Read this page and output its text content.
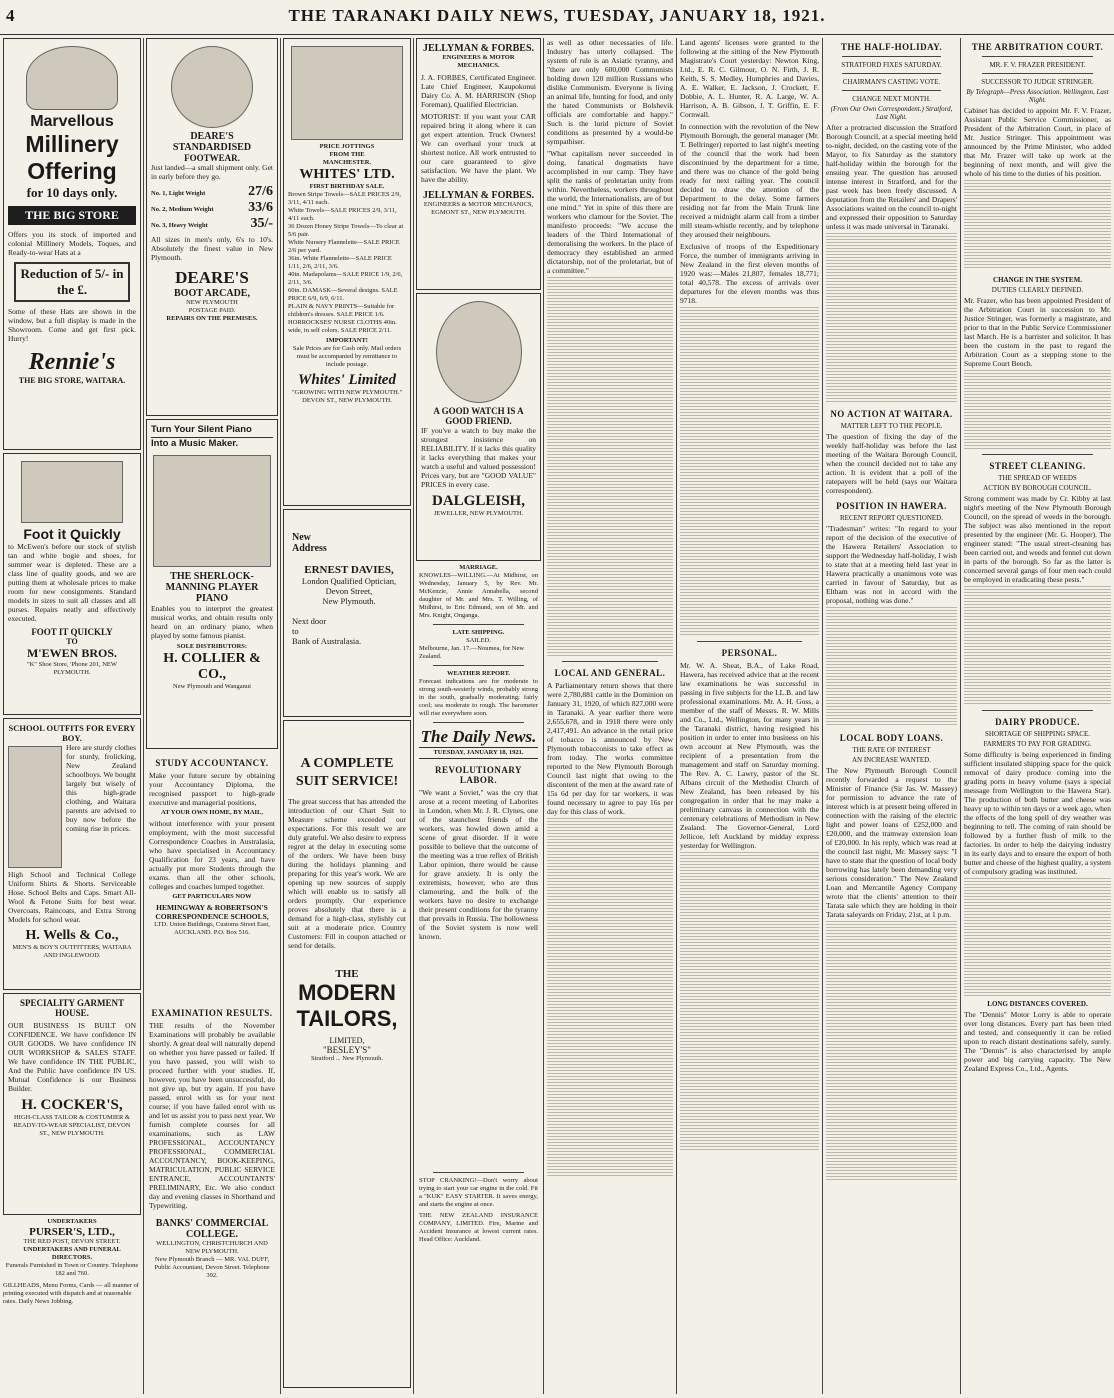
4	THE TARANAKI DAILY NEWS, TUESDAY, JANUARY 18, 1921.
Marvellous
Millinery
Offering
for 10 days only.
THE BIG STORE
Offers you its stock of imported and colonial Millinery Models, Toques, and Ready-to-wear Hats at a
Reduction of 5/- in the £.
Some of these Hats are shown in the window, but a full display is made in the Showroom. Come and get first pick. Hurry!
Rennie's
THE BIG STORE, WAITARA.
Foot it Quickly
to McEwen's before our stock of stylish tan and white bogie and shoes, for summer wear is depleted. These are a class line of quality goods, and we are putting them at wholesale prices to make room for new consignments. Standard models in sizes to suit all classes and all purses. Repairs neatly and effectively executed.
FOOT IT QUICKLY
TO
M'EWEN BROS.
"K" Shoe Store, 'Phone 201, NEW PLYMOUTH.
SCHOOL OUTFITS FOR EVERY BOY.
Here are sturdy clothes for sturdy, frolicking, New Zealand schoolboys. We bought largely but wisely of this high-grade clothing, and Waitara parents are advised to buy now before the coming rise in prices.
High School and Technical College Uniform Shirts & Shorts. Serviceable Hose. School Belts and Caps. Smart All-Wool & Fetone Suits for best wear. Overcoats, Raincoats, and Extra Strong Models for school wear.
H. Wells & Co.,
MEN'S & BOY'S OUTFITTERS, WAITARA AND INGLEWOOD.
SPECIALITY GARMENT HOUSE.
OUR BUSINESS IS BUILT ON CONFIDENCE. We have confidence IN OUR GOODS. We have confidence IN OUR WORKSHOP & SALES STAFF. We have confidence IN THE PUBLIC, And the Public have confidence IN US. Mutual Confidence is our Business Builder.
H. COCKER'S,
HIGH-CLASS TAILOR & COSTUMIER & READY-TO-WEAR SPECIALIST, DEVON ST., NEW PLYMOUTH.
UNDERTAKERS
PURSER'S, LTD.,
THE RED POST, DEVON STREET.
UNDERTAKERS AND FUNERAL DIRECTORS.
Funerals Furnished in Town or Country. Telephone 182 and 760.
GILLHEADS, Menu Forms, Cards — all manner of printing executed with dispatch and at reasonable rates. Daily News Jobbing.
DEARE'S
STANDARDISED
FOOTWEAR.
Just landed—a small shipment only. Get in early before they go.
No. 1, Light Weight	27/6
No. 2, Medium Weight 33/6
No. 3, Heavy Weight	35/-
All sizes in men's only, 6's to 10's. Absolutely the finest value in New Plymouth.
DEARE'S
BOOT ARCADE,
NEW PLYMOUTH
POSTAGE PAID.
REPAIRS ON THE PREMISES.
Turn Your Silent Piano
Into a Music Maker.
THE SHERLOCK-MANNING PLAYER PIANO
Enables you to interpret the greatest musical works, and obtain results only heard on an ordinary piano, when played by some famous pianist.
SOLE DISTRIBUTORS:
H. COLLIER & CO.,
New Plymouth and Wanganui
STUDY ACCOUNTANCY.
Make your future secure by obtaining your Accountancy Diploma, the recognised passport to high-grade executive and managerial positions,
AT YOUR OWN HOME, BY MAIL,
without interference with your present employment, with the most successful Correspondence Coaches in Australasia, who have specialised in Accountancy Qualification for 23 years, and have actually put more Students through the exams. than all the other schools, colleges and coaches lumped together.
GET PARTICULARS NOW
HEMINGWAY & ROBERTSON'S CORRESPONDENCE SCHOOLS,
LTD. Union Buildings, Customs Street East, AUCKLAND. P.O. Box 516.
EXAMINATION RESULTS.
THE results of the November Examinations will probably be available shortly. A great deal will naturally depend on whether you have passed or failed. If you have passed, you will wish to proceed further with your studies. If, however, you have been unsuccessful, do not give up, but try again. If you have passed, enrol with us for your next course; if you have failed enrol with us and let us assist you to pass next year. We furnish complete courses for all examinations, such as LAW PROFESSIONAL, ACCOUNTANCY PROFESSIONAL, COMMERCIAL ACCOUNTANCY, BOOK-KEEPING, MATRICULATION, PUBLIC SERVICE ENTRANCE, ACCOUNTANTS' PRELIMINARY, Etc. We also conduct day and evening classes in Shorthand and Typewriting.
BANKS' COMMERCIAL COLLEGE.
WELLINGTON, CHRISTCHURCH AND NEW PLYMOUTH.
New Plymouth Branch — MR. VAL DUFF, Public Accountant, Devon Street. Telephone 392.
PRICE JOTTINGS
FROM THE
MANCHESTER.
WHITES' LTD.
FIRST BIRTHDAY SALE.
Brown Stripe Towels—SALE PRICES 2/9, 3/11, 4/11 each.
White Towels—SALE PRICES 2/9, 3/11, 4/11 each.
36 Dozen Honey Stripe Towels—To clear at 5/6 pair.
White Nursery Flannelette—SALE PRICE 2/6 per yard.
36in. White Flannelette—SALE PRICE 1/11, 2/6, 2/11, 3/6.
40in. Madapolams—SALE PRICE 1/9, 2/6, 2/11, 3/6.
60in. DAMASK—Several designs. SALE PRICE 6/9, 6/9, 6/11.
PLAIN & NAVY PRINTS—Suitable for children's dresses. SALE PRICE 1/6.
HORROCKSES' NURSE CLOTHS 40in. wide, in self colors. SALE PRICE 2/11.
IMPORTANT!
Sale Prices are for Cash only. Mail orders must be accompanied by remittance to include postage.
Whites' Limited
"GROWING WITH NEW PLYMOUTH."
DEVON ST., NEW PLYMOUTH.
New
Address
ERNEST DAVIES,
London Qualified Optician,
Devon Street,
New Plymouth.
Next door
to
Bank of Australasia.
A COMPLETE SUIT SERVICE!
The great success that has attended the introduction of our Chart Suit to Measure scheme exceeded our expectations. For this result we are duly grateful. We also desire to express regret at the delay in executing some of the orders. We have been busy during the holidays planning and preparing for this year's work. We are opening up new sources of supply which will enable us to satisfy all orders promptly. Our experience proves absolutely that there is a demand for a high-class, stylishly cut suit at a moderate price. Country Customers: Fill in coupon attached or send for details.
THE
MODERN
TAILORS,
LIMITED,
"BESLEY'S"
Stratford ... New Plymouth.
JELLYMAN & FORBES.
ENGINEERS & MOTOR MECHANICS.
J. A. FORBES, Certificated Engineer. Late Chief Engineer, Kaupokonui Dairy Co. A. M. HARRISON (Shop Foreman), Qualified Electrician.
MOTORIST: If you want your CAR repaired bring it along where it can get expert attention. Truck Owners! We can overhaul your truck at shortest notice. All work entrusted to our care guaranteed to give satisfaction. We have the plant. We have the ability.
JELLYMAN & FORBES.
ENGINEERS & MOTOR MECHANICS, EGMONT ST., NEW PLYMOUTH.
A GOOD WATCH IS A GOOD FRIEND.
IF you've a watch to buy make the strongest insistence on RELIABILITY. If it lacks this quality it lacks everything that makes your watch a useful and valued possession! Prices vary, but are "GOOD VALUE" PRICES in every case.
DALGLEISH,
JEWELLER, NEW PLYMOUTH.
MARRIAGE.
KNOWLES—WILLING.—At Midhirst, on Wednesday, January 5, by Rev. Mr. McKenzie, Annie Annabella, second daughter of Mr. and Mrs. T. Willing, of Midhirst, to Eric Edmund, son of Mr. and Mrs. Knight, Onganga.
LATE SHIPPING.
SAILED.
Melbourne, Jan. 17.—Noumea, for New Zealand.
WEATHER REPORT.
Forecast indications are for moderate to strong south-westerly winds, probably strong in the south, gradually moderating; fairly cool; sea moderate to rough. The barometer will rise everywhere soon.
The Daily News.
TUESDAY, JANUARY 18, 1921.
REVOLUTIONARY LABOR.
"We want a Soviet," was the cry that arose at a recent meeting of Laborites in London, when Mr. J. R. Clynes, one of the staunchest friends of the workers, was howled down amid a scene of great disorder. If it were possible to believe that the outcome of the meeting was a true reflex of British Labor opinion, there would be cause for grave anxiety. It is only the extremists, however, who are thus clamouring, and the bulk of the workers have no desire to exchange their present conditions for the tyranny that prevails in Russia. The hollowness of the Soviet system is now well known.
STOP CRANKING!—Don't worry about trying to start your car engine in the cold. Fit a "KUK" EASY STARTER. It saves energy, and starts the engine at once.
THE NEW ZEALAND INSURANCE COMPANY, LIMITED. Fire, Marine and Accident Insurance at lowest current rates. Head Office: Auckland.
as well as other necessaries of life. Industry has utterly collapsed. The system of rule is an Asiatic tyranny, and "there are only 600,000 Communists holding down 120 million Russians who dislike Communism. Everyone is living an animal life, hunting for food, and only the hated Communists or Bolshevik officials are comfortable and happy." Such is the lurid picture of Soviet conditions as presented by a would-be sympathiser.
"What capitalism never succeeded in doing, fanatical dogmatists have accomplished in our camp. They have split the ranks of proletarian unity from within. Nevertheless, workers throughout the world, the Internationalists, are of but one mind." Yet in spite of this there are workers who clamour for the Soviet. The manifesto proceeds: "We accuse the leaders of the Third International of demoralising the workers. In the place of democracy they established an armed dictatorship, not of the proletariat, but of a committee."
LOCAL AND GENERAL.
A Parliamentary return shows that there were 2,780,881 cattle in the Dominion on January 31, 1920, of which 827,000 were in Taranaki. A year earlier there were 2,655,678, and in 1918 there were only 2,417,491. An advance in the retail price of tobacco is announced by New Plymouth tobacconists to take effect as from today. The works committee reported to the New Plymouth Borough Council last night that owing to the discontent of the men at the award rate of 15s 6d per day for tar workers, it was found necessary to agree to pay 16s per day for this class of work.
Land agents' licenses were granted to the following at the sitting of the New Plymouth Magistrate's Court yesterday: Newton King, Ltd., E. R. C. Gilmour, O. N. Firth, J. R. Keith, S. S. Medley, Humphries and Davies, A. E. Walker, E. Jackson, J. Crockett, F. Dobbie, A. L. Hunter, R. A. Large, W. A. Harrison, A. B. Gibson, J. T. Griffin, E. F. Cornwall.
In connection with the revolution of the New Plymouth Borough, the general manager (Mr. T. Bellringer) reported to last night's meeting of the council that the work had been discontinued by the department for a time, and there was no chance of the gold being ready for next railing year. The council decided to draw the attention of the Department to the delay. Some farmers residing not far from the Main Trunk line received a midnight alarm call from a timber mill steam-whistle recently, and by telephone they aroused their neighbours.
Exclusive of troops of the Expeditionary Force, the number of immigrants arriving in New Zealand in the first eleven months of 1920 was:—Males 21,807, females 18,771; total 40,578. The excess of arrivals over departures for the eleven months was thus 9718.
PERSONAL.
Mr. W. A. Sheat, B.A., of Lake Road, Hawera, has received advice that at the recent law examinations he was successful in passing in five subjects for the LL.B. and law professional examinations. Mr. A. H. Goss, a member of the staff of Messrs. R. W. Mills and Co., Ltd., Wellington, for many years in the Taranaki district, having resigned his position in order to enter into business on his own account at New Plymouth, was the recipient of a presentation from the management and staff on Saturday morning. The Rev. A. C. Lawry, pastor of the St. Albans circuit of the Methodist Church of New Zealand, has been released by his congregation in order that he may make a preliminary canvass in connection with the centenary celebrations of Methodism in New Zealand. The Governor-General, Lord Jellicoe, left Auckland by midday express yesterday for Wellington.
THE HALF-HOLIDAY.
STRATFORD FIXES SATURDAY.
CHAIRMAN'S CASTING VOTE.
CHANGE NEXT MONTH.
(From Our Own Correspondent.) Stratford, Last Night.
After a protracted discussion the Stratford Borough Council, at a special meeting held to-night, decided, on the casting vote of the Mayor, to fix Saturday as the statutory half-holiday within the borough for the ensuing year. The question has aroused intense interest in Stratford, and for the past week has been freely discussed. A deputation from the Retailers' and Drapers' Associations waited on the council to-night and expressed their opposition to Saturday unless it was made universal in Taranaki.
NO ACTION AT WAITARA.
MATTER LEFT TO THE PEOPLE.
The question of fixing the day of the weekly half-holiday was before the last meeting of the Waitara Borough Council, when the council decided not to take any action. It is evident that a poll of the ratepayers will be held (says our Waitara correspondent).
POSITION IN HAWERA.
RECENT REPORT QUESTIONED.
"Tradesman" writes: "In regard to your report of the decision of the executive of the Hawera Retailers' Association to support the Wednesday half-holiday, I wish to state that at a meeting held last year in Hawera practically a unanimous vote was carried in favour of Saturday, but as Eltham was not in accord with the proposal, nothing was done."
LOCAL BODY LOANS.
THE RATE OF INTEREST
AN INCREASE WANTED.
The New Plymouth Borough Council recently forwarded a request to the Minister of Finance (Sir Jas. W. Massey) for permission to advance the rate of interest which is at present being offered in connection with the raising of the electric light and power loans of £252,000 and £20,000, and the tramway extension loan of £20,000. In his reply, which was read at the council last night, Mr. Massey says: "I have to state that the question of local body borrowing has lately been demanding very serious consideration." The New Zealand Loan and Mercantile Agency Company wrote that the clients' attention to their Tarata sale which they are holding in their Tarata saleyards on Friday, 21st, at 1 p.m.
THE ARBITRATION COURT.
MR. F. V. FRAZER PRESIDENT.
SUCCESSOR TO JUDGE STRINGER.
By Telegraph—Press Association. Wellington, Last Night.
Cabinet has decided to appoint Mr. F. V. Frazer, Assistant Public Service Commissioner, as President of the Arbitration Court, in place of Mr. Justice Stringer. This appointment was announced by the Prime Minister, who added that Mr. Frazer will take up work at the beginning of next month, and will give the whole of his time to the duties of his position.
CHANGE IN THE SYSTEM.
DUTIES CLEARLY DEFINED.
Mr. Frazer, who has been appointed President of the Arbitration Court in succession to Mr. Justice Stringer, was formerly a magistrate, and prior to that in the Public Service Commissioner last March. He is a barrister and solicitor. It has been the custom in the past to regard the Arbitration Court as a stepping stone to the Supreme Court Bench.
STREET CLEANING.
THE SPREAD OF WEEDS
ACTION BY BOROUGH COUNCIL.
Strong comment was made by Cr. Kibby at last night's meeting of the New Plymouth Borough Council, on the spread of weeds in the borough. The subject was also mentioned in the report presented by the engineer (Mr. G. Hooper). The engineer stated: "The usual street-cleaning has been carried out, and weeds and fennel cut down in parts of the borough. So far as the latter is concerned several gangs of four men each could be employed in eradicating these pests."
DAIRY PRODUCE.
SHORTAGE OF SHIPPING SPACE.
FARMERS TO PAY FOR GRADING.
Some difficulty is being experienced in finding sufficient insulated shipping space for the quick removal of dairy produce coming into the grading ports in heavy volume (says a special message from Wellington to the Hawera Star). The production of both butter and cheese was heavy up to within ten days or a week ago, when the effects of the long spell of dry weather was beginning to tell. The coming of rain should be followed by a further flush of milk to the factories. In order to help the dairying industry in its early days and to ensure the export of both butter and cheese of the highest quality, a system of compulsory grading was instituted.
LONG DISTANCES COVERED.
The "Dennis" Motor Lorry is able to operate over long distances. Every part has been tried and tested, and consequently it can be relied upon to reach distant destinations safely, surely. The "Dennis" is also characterised by ample power and big carrying capacity. The New Zealand Express Co., Ltd., Agents.
